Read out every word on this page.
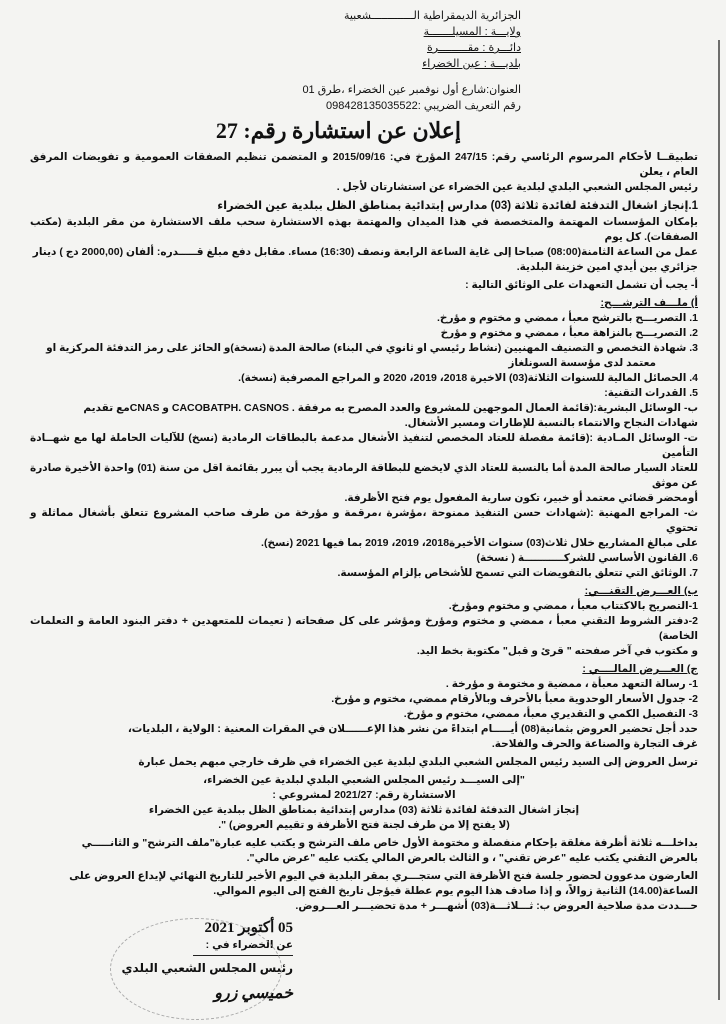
الجزائرية الديمقراطية الـــــــــــــشعبية
ولايـــة : المسيلـــــــة
دائـــرة : مقـــــــــرة
بلديـــة : عين الخضراء
العنوان:شارع أول نوفمبر عين الخضراء ،طرق 01
رقم التعريف الضريبي :098428135035522
إعلان عن استشارة رقم: 27
تطبيقــا لأحكام المرسوم الرئاسي رقم: 247/15 المؤرخ في: 2015/09/16 و المتضمن تنظيم الصفقات العمومية و تفويضات المرفق العام ، يعلن
رئيس المجلس الشعبي البلدي لبلدية عين الخضراء عن استشارتان لأجل .
1.إنجاز اشغال التدفئة لفائدة ثلاثة (03) مدارس إبتدائية بمناطق الظل ببلدية عين الخضراء
بإمكان المؤسسات المهتمة والمتخصصة في هذا الميدان والمهتمة بهذه الاستشارة سحب ملف الاستشارة من مقر البلدية (مكتب الصفقات). كل يوم
عمل من الساعة الثامنة(08:00) صباحا إلى غاية الساعة الرابعة ونصف (16:30) مساء. مقابل دفع مبلغ قـــــدره: ألفان (2000,00 دج ) دينار
جزائري بين أيدي امين خزينة البلدية.
أ- يجب أن تشمل التعهدات على الوثائق التالية :
أ) ملـــف الترشـــح:
1. التصريـــح بالترشح معبأ ، ممضي و مختوم و مؤرخ.
2. التصريـــح بالنزاهة معبأ ، ممضي و مختوم و مؤرخ
3. شهادة التخصص و التصنيف المهنيين (نشاط رئيسي او ثانوي في البناء) صالحة المدة (نسخة)و الحائز على رمز التدفئة المركزية او
معتمد لدى مؤسسة السونلغاز
4. الحصائل المالية للسنوات الثلاثة(03) الاخيرة 2018، 2019، 2020 و المراجع المصرفية (نسخة).
5. القدرات التقنية:
ب- الوسائل البشرية:(قائمة العمال الموجهين للمشروع والعدد المصرح به مرفقة . CACOBATPH. CASNOS و CNASمع تقديم
شهادات النجاح والانتماء بالنسبة للإطارات ومسير الأشغال.
ت- الوسائل المـادية :(قائمة مفصلة للعتاد المخصص لتنفيذ الأشغال مدعمة بالبطاقات الرمادية (نسخ) للآليات الحاملة لها مع شهــادة التأمين
للعتاد السيار صالحة المدة أما بالنسبة للعتاد الذي لايخضع للبطاقة الرمادية يجب أن يبرر بقائمة اقل من سنة (01) واحدة الأخيرة صادرة عن موثق
أومحضر قضائي معتمد أو خبير، تكون سارية المفعول يوم فتح الأظرفة.
ث- المراجع المهنية :(شهادات حسن التنفيذ ممنوحة ،مؤشرة ،مرقمة و مؤرخة من طرف صاحب المشروع تتعلق بأشغال مماثلة و تحتوي
على مبالغ المشاريع خلال ثلاث(03) سنوات الأخيرة2018، 2019، 2019 بما فيها 2021 (نسخ).
6. القانون الأساسي للشركـــــــــــة ( نسخة)
7. الوثائق التي تتعلق بالتفويضات التي تسمح للأشخاص بإلزام المؤسسة.
ب) العـــرض التقنـــي:
1-التصريح بالاكتتاب معبأ ، ممضي و مختوم ومؤرخ.
2-دفتر الشروط التقني معبأ ، ممضي و مختوم ومؤرخ ومؤشر على كل صفحاته ( تعيمات للمتعهدين + دفتر البنود العامة و التعلمات الخاصة)
و مكتوب في آخر صفحته " قرئ و قبل" مكتوبة بخط اليد.
ج) العـــرض المالــــي :
1- رسالة التعهد معبأة ، ممضية و مختومة و مؤرخة .
2- جدول الأسعار الوحدوية معبأ بالأحرف وبالأرقام ممضي، مختوم و مؤرخ.
3- التفصيل الكمي و التقديري معبأ، ممضي، مختوم و مؤرخ.
حدد أجل تحضير العروض بثمانية(08) أيـــــام ابتداءً من نشر هذا الإعــــــلان في المقرات المعنية : الولاية ، البلديات،
غرف التجارة والصناعة والحرف والفلاحة.
ترسل العروض إلى السيد رئيس المجلس الشعبي البلدي لبلدية عين الخضراء في ظرف خارجي مبهم يحمل عبارة
"إلى السيـــد رئيس المجلس الشعبي البلدي لبلدية عين الخضراء،
الاستشارة رقم: 2021/27 لمشروعي :
إنجاز اشغال التدفئة لفائدة ثلاثة (03) مدارس إبتدائية بمناطق الظل ببلدية عين الخضراء
(لا يفتح إلا من طرف لجنة فتح الأظرفة و تقييم العروض) ".
بداخلـــه ثلاثة أظرفة مغلقة بإحكام منفصلة و مختومة الأول خاص ملف الترشح و يكتب عليه عبارة"ملف الترشح" و الثانـــــي
بالعرض التقني يكتب عليه "عرض تقني" ، و الثالث بالعرض المالي يكتب عليه "عرض مالي".
العارضون مدعوون لحضور جلسة فتح الأظرفة التي ستجـــري بمقر البلدية في اليوم الأخير للتاريخ النهائي لإيداع العروض على
الساعة(14.00) الثانية زوالاً، و إذا صادف هذا اليوم يوم عطلة فيؤجل تاريخ الفتح إلى اليوم الموالي.
حـــددت مدة صلاحية العروض ب: ثـــلاثـــة(03) أشهـــر + مدة تحضيـــر العـــروض.
05 أكتوبر 2021
عن الخضراء في :
رئيس المجلس الشعبي البلدي
خميسي زرو
